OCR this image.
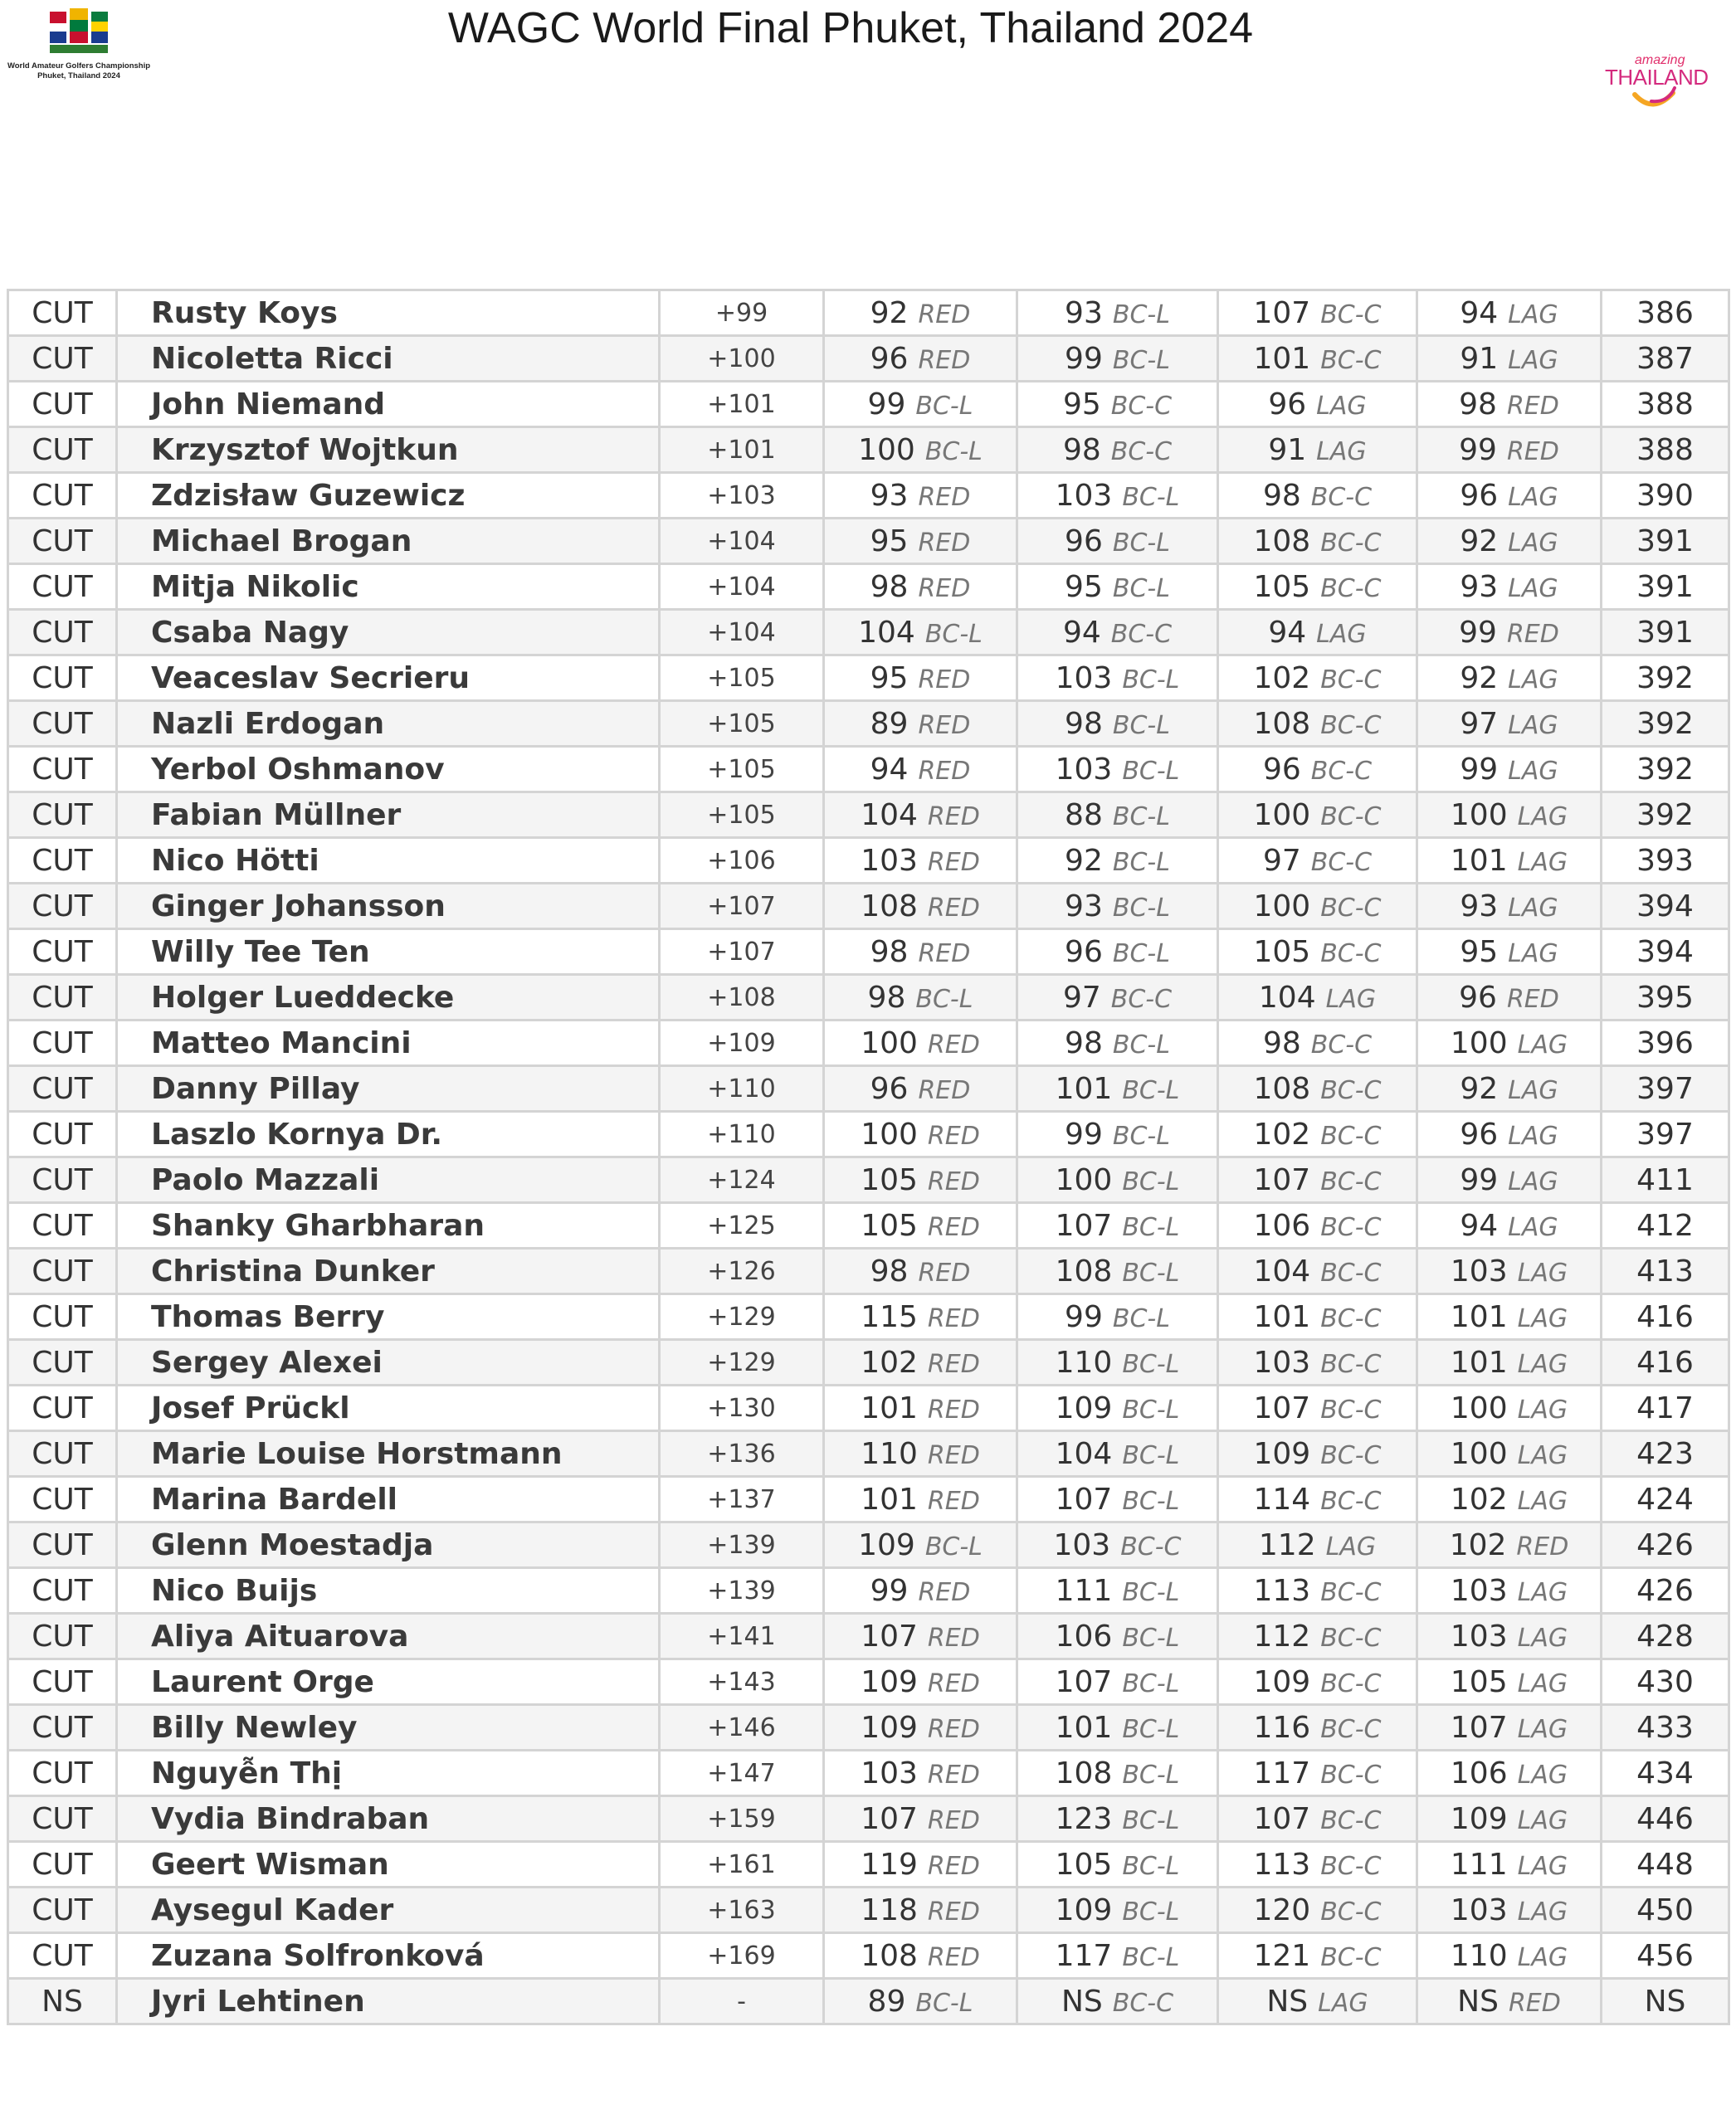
WAGC World Final Phuket, Thailand 2024
World Amateur Golfers Championship
Phuket, Thailand 2024
amazing
THAILAND
CUT	Rusty Koys	+99	92 RED	93 BC-L	107 BC-C	94 LAG	386
CUT	Nicoletta Ricci	+100	96 RED	99 BC-L	101 BC-C	91 LAG	387
CUT	John Niemand	+101	99 BC-L	95 BC-C	96 LAG	98 RED	388
CUT	Krzysztof Wojtkun	+101	100 BC-L	98 BC-C	91 LAG	99 RED	388
CUT	Zdzisław Guzewicz	+103	93 RED	103 BC-L	98 BC-C	96 LAG	390
CUT	Michael Brogan	+104	95 RED	96 BC-L	108 BC-C	92 LAG	391
CUT	Mitja Nikolic	+104	98 RED	95 BC-L	105 BC-C	93 LAG	391
CUT	Csaba Nagy	+104	104 BC-L	94 BC-C	94 LAG	99 RED	391
CUT	Veaceslav Secrieru	+105	95 RED	103 BC-L	102 BC-C	92 LAG	392
CUT	Nazli Erdogan	+105	89 RED	98 BC-L	108 BC-C	97 LAG	392
CUT	Yerbol Oshmanov	+105	94 RED	103 BC-L	96 BC-C	99 LAG	392
CUT	Fabian Müllner	+105	104 RED	88 BC-L	100 BC-C	100 LAG	392
CUT	Nico Hötti	+106	103 RED	92 BC-L	97 BC-C	101 LAG	393
CUT	Ginger Johansson	+107	108 RED	93 BC-L	100 BC-C	93 LAG	394
CUT	Willy Tee Ten	+107	98 RED	96 BC-L	105 BC-C	95 LAG	394
CUT	Holger Lueddecke	+108	98 BC-L	97 BC-C	104 LAG	96 RED	395
CUT	Matteo Mancini	+109	100 RED	98 BC-L	98 BC-C	100 LAG	396
CUT	Danny Pillay	+110	96 RED	101 BC-L	108 BC-C	92 LAG	397
CUT	Laszlo Kornya Dr.	+110	100 RED	99 BC-L	102 BC-C	96 LAG	397
CUT	Paolo Mazzali	+124	105 RED	100 BC-L	107 BC-C	99 LAG	411
CUT	Shanky Gharbharan	+125	105 RED	107 BC-L	106 BC-C	94 LAG	412
CUT	Christina Dunker	+126	98 RED	108 BC-L	104 BC-C	103 LAG	413
CUT	Thomas Berry	+129	115 RED	99 BC-L	101 BC-C	101 LAG	416
CUT	Sergey Alexei	+129	102 RED	110 BC-L	103 BC-C	101 LAG	416
CUT	Josef Prückl	+130	101 RED	109 BC-L	107 BC-C	100 LAG	417
CUT	Marie Louise Horstmann	+136	110 RED	104 BC-L	109 BC-C	100 LAG	423
CUT	Marina Bardell	+137	101 RED	107 BC-L	114 BC-C	102 LAG	424
CUT	Glenn Moestadja	+139	109 BC-L	103 BC-C	112 LAG	102 RED	426
CUT	Nico Buijs	+139	99 RED	111 BC-L	113 BC-C	103 LAG	426
CUT	Aliya Aituarova	+141	107 RED	106 BC-L	112 BC-C	103 LAG	428
CUT	Laurent Orge	+143	109 RED	107 BC-L	109 BC-C	105 LAG	430
CUT	Billy Newley	+146	109 RED	101 BC-L	116 BC-C	107 LAG	433
CUT	Nguyễn Thị	+147	103 RED	108 BC-L	117 BC-C	106 LAG	434
CUT	Vydia Bindraban	+159	107 RED	123 BC-L	107 BC-C	109 LAG	446
CUT	Geert Wisman	+161	119 RED	105 BC-L	113 BC-C	111 LAG	448
CUT	Aysegul Kader	+163	118 RED	109 BC-L	120 BC-C	103 LAG	450
CUT	Zuzana Solfronková	+169	108 RED	117 BC-L	121 BC-C	110 LAG	456
NS	Jyri Lehtinen	-	89 BC-L	NS BC-C	NS LAG	NS RED	NS
